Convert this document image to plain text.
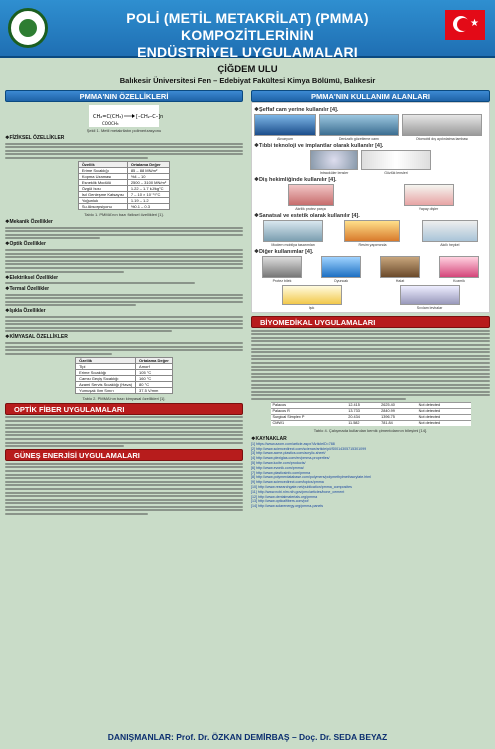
POLİ (METİL METAKRİLAT) (PMMA) KOMPOZİTLERİNİN
ENDÜSTRİYEL UYGULAMALARI
★
ÇİĞDEM ULU
Balıkesir Üniversitesi Fen – Edebiyat Fakültesi Kimya Bölümü, Balıkesir
PMMA'NIN ÖZELLİKLERİ
CH₂=C(CH₃)	[–CH₂–C–]n
COOCH₃
Şekil 1. Metil metakrilatın polimerizasyonu
❖ FİZİKSEL ÖZELLİKLER
Özellik	Ortalama Değer
Erime Sıcaklığı	85 – 88 MN/m²
Kopma Uzaması	%4 – 10
Esneklik Modülü	2500 – 3100 MN/m²
Özgül Isısı	1.22 – 1.7 kJ/kg°C
Isıl Genleşme Katsayısı	7 – 10 × 10⁻⁵/°C
Yoğunluk	1.19 – 1.2
Su Absorpsiyonu	%0.1 – 0.3
Tablo 1. PMMA'nın bazı fiziksel özellikleri [1].
❖ Mekanik Özellikler
❖ Optik Özellikler
❖ Elektriksel Özellikler
❖ Termal Özellikler
❖ Işıkla Özellikler
❖ KİMYASAL ÖZELLİKLER
Özellik	Ortalama Değer
Tipi	Amorf
Erime Sıcaklığı	105 °C
Camsı Geçiş Sıcaklığı	160 °C
Azami Servis Sıcaklığı (Hava)	80 °C
Yumuşak Ilım Sınırı	37.5 V/mm
Tablo 2. PMMA'nın bazı kimyasal özellikleri [1].
OPTİK FİBER UYGULAMALARI
GÜNEŞ ENERJİSİ UYGULAMALARI
PMMA'NIN KULLANIM ALANLARI
❖ Şeffaf cam yerine kullanılır [4].
Akvaryum	Denizaltı gözetleme camı	Otomobil dış aydınlatma lambası
❖ Tıbbi teknoloji ve implantlar olarak kullanılır [4].
Intraoküler lensler	Gözlük lensleri
❖ Diş hekimliğinde kullanılır [4].
Akrilik protez parça	Yapay dişler
❖ Sanatsal ve estetik olarak kullanılır [4].
Modern mobilya tasarımları	Resim yapımında	Akıllı heykel
❖ Diğer kullanımlar [4].
Protez bilek	Oyuncak	Halat	Kozmik
Işık	Sıvılam levhalar
BİYOMEDİKAL UYGULAMALARI
Palacos	12.415	2625.40	Not detected
Palacos R	13.733	2840.99	Not detected
Surgical Simplex P	20.434	1396.75	Not detected
CMW1	11.582	781.84	Not detected
Tablo 4. Çalışmada kullanılan kemik çimentolarının bileşimi [14].
❖ KAYNAKLAR
[1] https://www.azom.com/article.aspx?ArticleID=788
[2] http://www.sciencedirect.com/science/article/pii/S0014305715301099
[3] http://www.acme-plastics.com/acrylic-sheet/
[4] http://www.plexiglas.com/en/pmma-properties/
[5] http://www.lucite.com/products/
[6] http://www.evonik.com/pmma/
[7] http://www.plasticsinfo.com/pmma
[8] http://www.polymerdatabase.com/polymers/polymethylmethacrylate.html
[9] http://www.sciencedirect.com/topics/pmma
[10] http://www.researchgate.net/publication/pmma_composites
[11] http://www.ncbi.nlm.nih.gov/pmc/articles/bone_cement
[12] http://www.dentalmaterials.org/pmma
[13] http://www.opticalfibers.com/pof
[14] http://www.solarenergy.org/pmma-panels
DANIŞMANLAR: Prof. Dr. ÖZKAN DEMİRBAŞ – Doç. Dr. SEDA BEYAZ
